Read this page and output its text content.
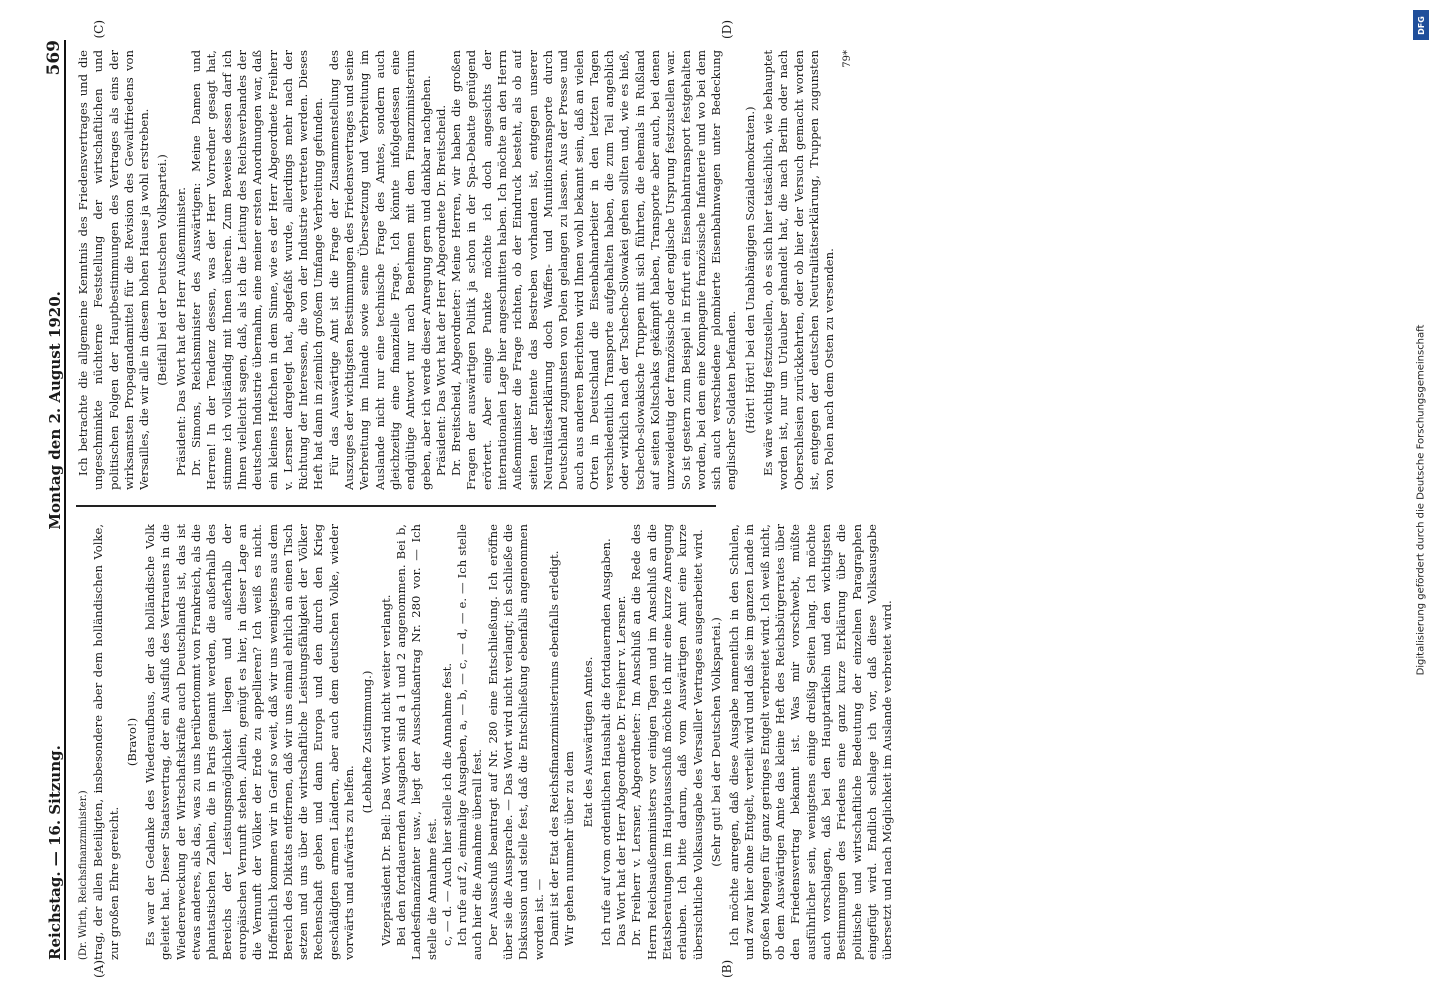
Reichstag. — 16. Sitzung.
Montag den 2. August 1920.
569
(A)	(B)
(C)	(D)

(Dr. Wirth, Reichsfinanzminister.) trag, der allen Beteiligten, insbesondere aber dem holländischen Volke, zur großen Ehre gereicht.

(Bravo!) Es war der Gedanke des Wiederaufbaus, der das holländische Volk geleitet hat. Dieser Staatsvertrag, der ein Ausfluß des Vertrauens in die Wiedererweckung der Wirtschaftskräfte auch Deutschlands ist, das ist etwas anderes, als das, was zu uns herübertommt von Frankreich, als die phantastischen Zahlen, die in Paris genannt werden, die außerhalb des Bereichs der Leistungsmöglichkeit liegen und außerhalb der europäischen Vernunft stehen. Allein, genügt es hier, in dieser Lage an die Vernunft der Völker der Erde zu appellieren? Ich weiß es nicht. Hoffentlich kommen wir in Genf so weit, daß wir uns wenigstens aus dem Bereich des Diktats entfernen, daß wir uns einmal ehrlich an einen Tisch setzen und uns über die wirtschaftliche Leistungsfähigkeit der Völker Rechenschaft geben und dann Europa und den durch den Krieg geschädigten armen Ländern, aber auch dem deutschen Volke, wieder vorwärts und aufwärts zu helfen.

(Lebhafte Zustimmung.) Vizepräsident Dr. Bell: Das Wort wird nicht weiter verlangt. Bei den fortdauernden Ausgaben sind a 1 und 2 angenommen. Bei b, Landesfinanzämter usw., liegt der Ausschußantrag Nr. 280 vor. — Ich stelle die Annahme fest. c, — d. — Auch hier stelle ich die Annahme fest. Ich rufe auf 2, einmalige Ausgaben, a, — b, — c, — d, — e. — Ich stelle auch hier die Annahme überall fest. Der Ausschuß beantragt auf Nr. 280 eine Entschließung. Ich eröffne über sie die Aussprache. — Das Wort wird nicht verlangt; ich schließe die Diskussion und stelle fest, daß die Entschließung ebenfalls angenommen worden ist. — Damit ist der Etat des Reichsfinanzministeriums ebenfalls erledigt. Wir gehen nunmehr über zu dem

Etat des Auswärtigen Amtes. Ich rufe auf vom ordentlichen Haushalt die fortdauernden Ausgaben. Das Wort hat der Herr Abgeordnete Dr. Freiherr v. Lersner. Dr. Freiherr v. Lersner, Abgeordneter: Im Anschluß an die Rede des Herrn Reichsaußenministers vor einigen Tagen und im Anschluß an die Etatsberatungen im Hauptausschuß möchte ich mir eine kurze Anregung erlauben. Ich bitte darum, daß vom Auswärtigen Amt eine kurze übersichtliche Volksausgabe des Versailler Vertrages ausgearbeitet wird. (Sehr gut! bei der Deutschen Volkspartei.) Ich möchte anregen, daß diese Ausgabe namentlich in den Schulen, und zwar hier ohne Entgelt, verteilt wird und daß sie im ganzen Lande in großen Mengen für ganz geringes Entgelt verbreitet wird. Ich weiß nicht, ob dem Auswärtigen Amte das kleine Heft des Reichsbürgerrates über den Friedensvertrag bekannt ist. Was mir vorschwebt, müßte ausführlicher sein, wenigstens einige dreißig Seiten lang. Ich möchte auch vorschlagen, daß bei den Hauptartikeln und den wichtigsten Bestimmungen des Friedens eine ganz kurze Erklärung über die politische und wirtschaftliche Bedeutung der einzelnen Paragraphen eingefügt wird. Endlich schlage ich vor, daß diese Volksausgabe übersetzt und nach Möglichkeit im Auslande verbreitet wird.

Ich betrachte die allgemeine Kenntnis des Friedensvertrages und die ungeschminkte nüchterne Feststellung der wirtschaftlichen und politischen Folgen der Hauptbestimmungen des Vertrages als eins der wirksamsten Propagandamittel für die Revision des Gewaltfriedens von Versailles, die wir alle in diesem hohen Hause ja wohl erstreben. (Beifall bei der Deutschen Volkspartei.) Präsident: Das Wort hat der Herr Außenminister. Dr. Simons, Reichsminister des Auswärtigen: Meine Damen und Herren! In der Tendenz dessen, was der Herr Vorredner gesagt hat, stimme ich vollständig mit Ihnen überein. Zum Beweise dessen darf ich Ihnen vielleicht sagen, daß, als ich die Leitung des Reichsverbandes der deutschen Industrie übernahm, eine meiner ersten Anordnungen war, daß ein kleines Heftchen in dem Sinne, wie es der Herr Abgeordnete Freiherr v. Lersner dargelegt hat, abgefaßt wurde, allerdings mehr nach der Richtung der Interessen, die von der Industrie vertreten werden. Dieses Heft hat dann in ziemlich großem Umfange Verbreitung gefunden. Für das Auswärtige Amt ist die Frage der Zusammenstellung des Auszuges der wichtigsten Bestimmungen des Friedensvertrages und seine Verbreitung im Inlande sowie seine Übersetzung und Verbreitung im Auslande nicht nur eine technische Frage des Amtes, sondern auch gleichzeitig eine finanzielle Frage. Ich könnte infolgedessen eine endgültige Antwort nur nach Benehmen mit dem Finanzministerium geben, aber ich werde dieser Anregung gern und dankbar nachgehen. Präsident: Das Wort hat der Herr Abgeordnete Dr. Breitscheid. Dr. Breitscheid, Abgeordneter: Meine Herren, wir haben die großen Fragen der auswärtigen Politik ja schon in der Spa-Debatte genügend erörtert. Aber einige Punkte möchte ich doch angesichts der internationalen Lage hier angeschnitten haben. Ich möchte an den Herrn Außenminister die Frage richten, ob der Eindruck besteht, als ob auf seiten der Entente das Bestreben vorhanden ist, entgegen unserer Neutralitätserklärung doch Waffen- und Munitionstransporte durch Deutschland zugunsten von Polen gelangen zu lassen. Aus der Presse und auch aus anderen Berichten wird Ihnen wohl bekannt sein, daß an vielen Orten in Deutschland die Eisenbahnarbeiter in den letzten Tagen verschiedentlich Transporte aufgehalten haben, die zum Teil angeblich oder wirklich nach der Tschecho-Slowakei gehen sollten und, wie es hieß, tschecho-slowakische Truppen mit sich führten, die ehemals in Rußland auf seiten Koltschaks gekämpft haben, Transporte aber auch, bei denen unzweideutig der französische oder englische Ursprung festzustellen war. So ist gestern zum Beispiel in Erfurt ein Eisenbahntransport festgehalten worden, bei dem eine Kompagnie französische Infanterie und wo bei dem sich auch verschiedene plombierte Eisenbahnwagen unter Bedeckung englischer Soldaten befanden. (Hört! Hört! bei den Unabhängigen Sozialdemokraten.) Es wäre wichtig festzustellen, ob es sich hier tatsächlich, wie behauptet worden ist, nur um Urlauber gehandelt hat, die nach Berlin oder nach Oberschlesien zurückkehrten, oder ob hier der Versuch gemacht worden ist, entgegen der deutschen Neutralitätserklärung, Truppen zugunsten von Polen nach dem Osten zu versenden.

79*
DFG
Digitalisierung gefördert durch die Deutsche Forschungsgemeinschaft
